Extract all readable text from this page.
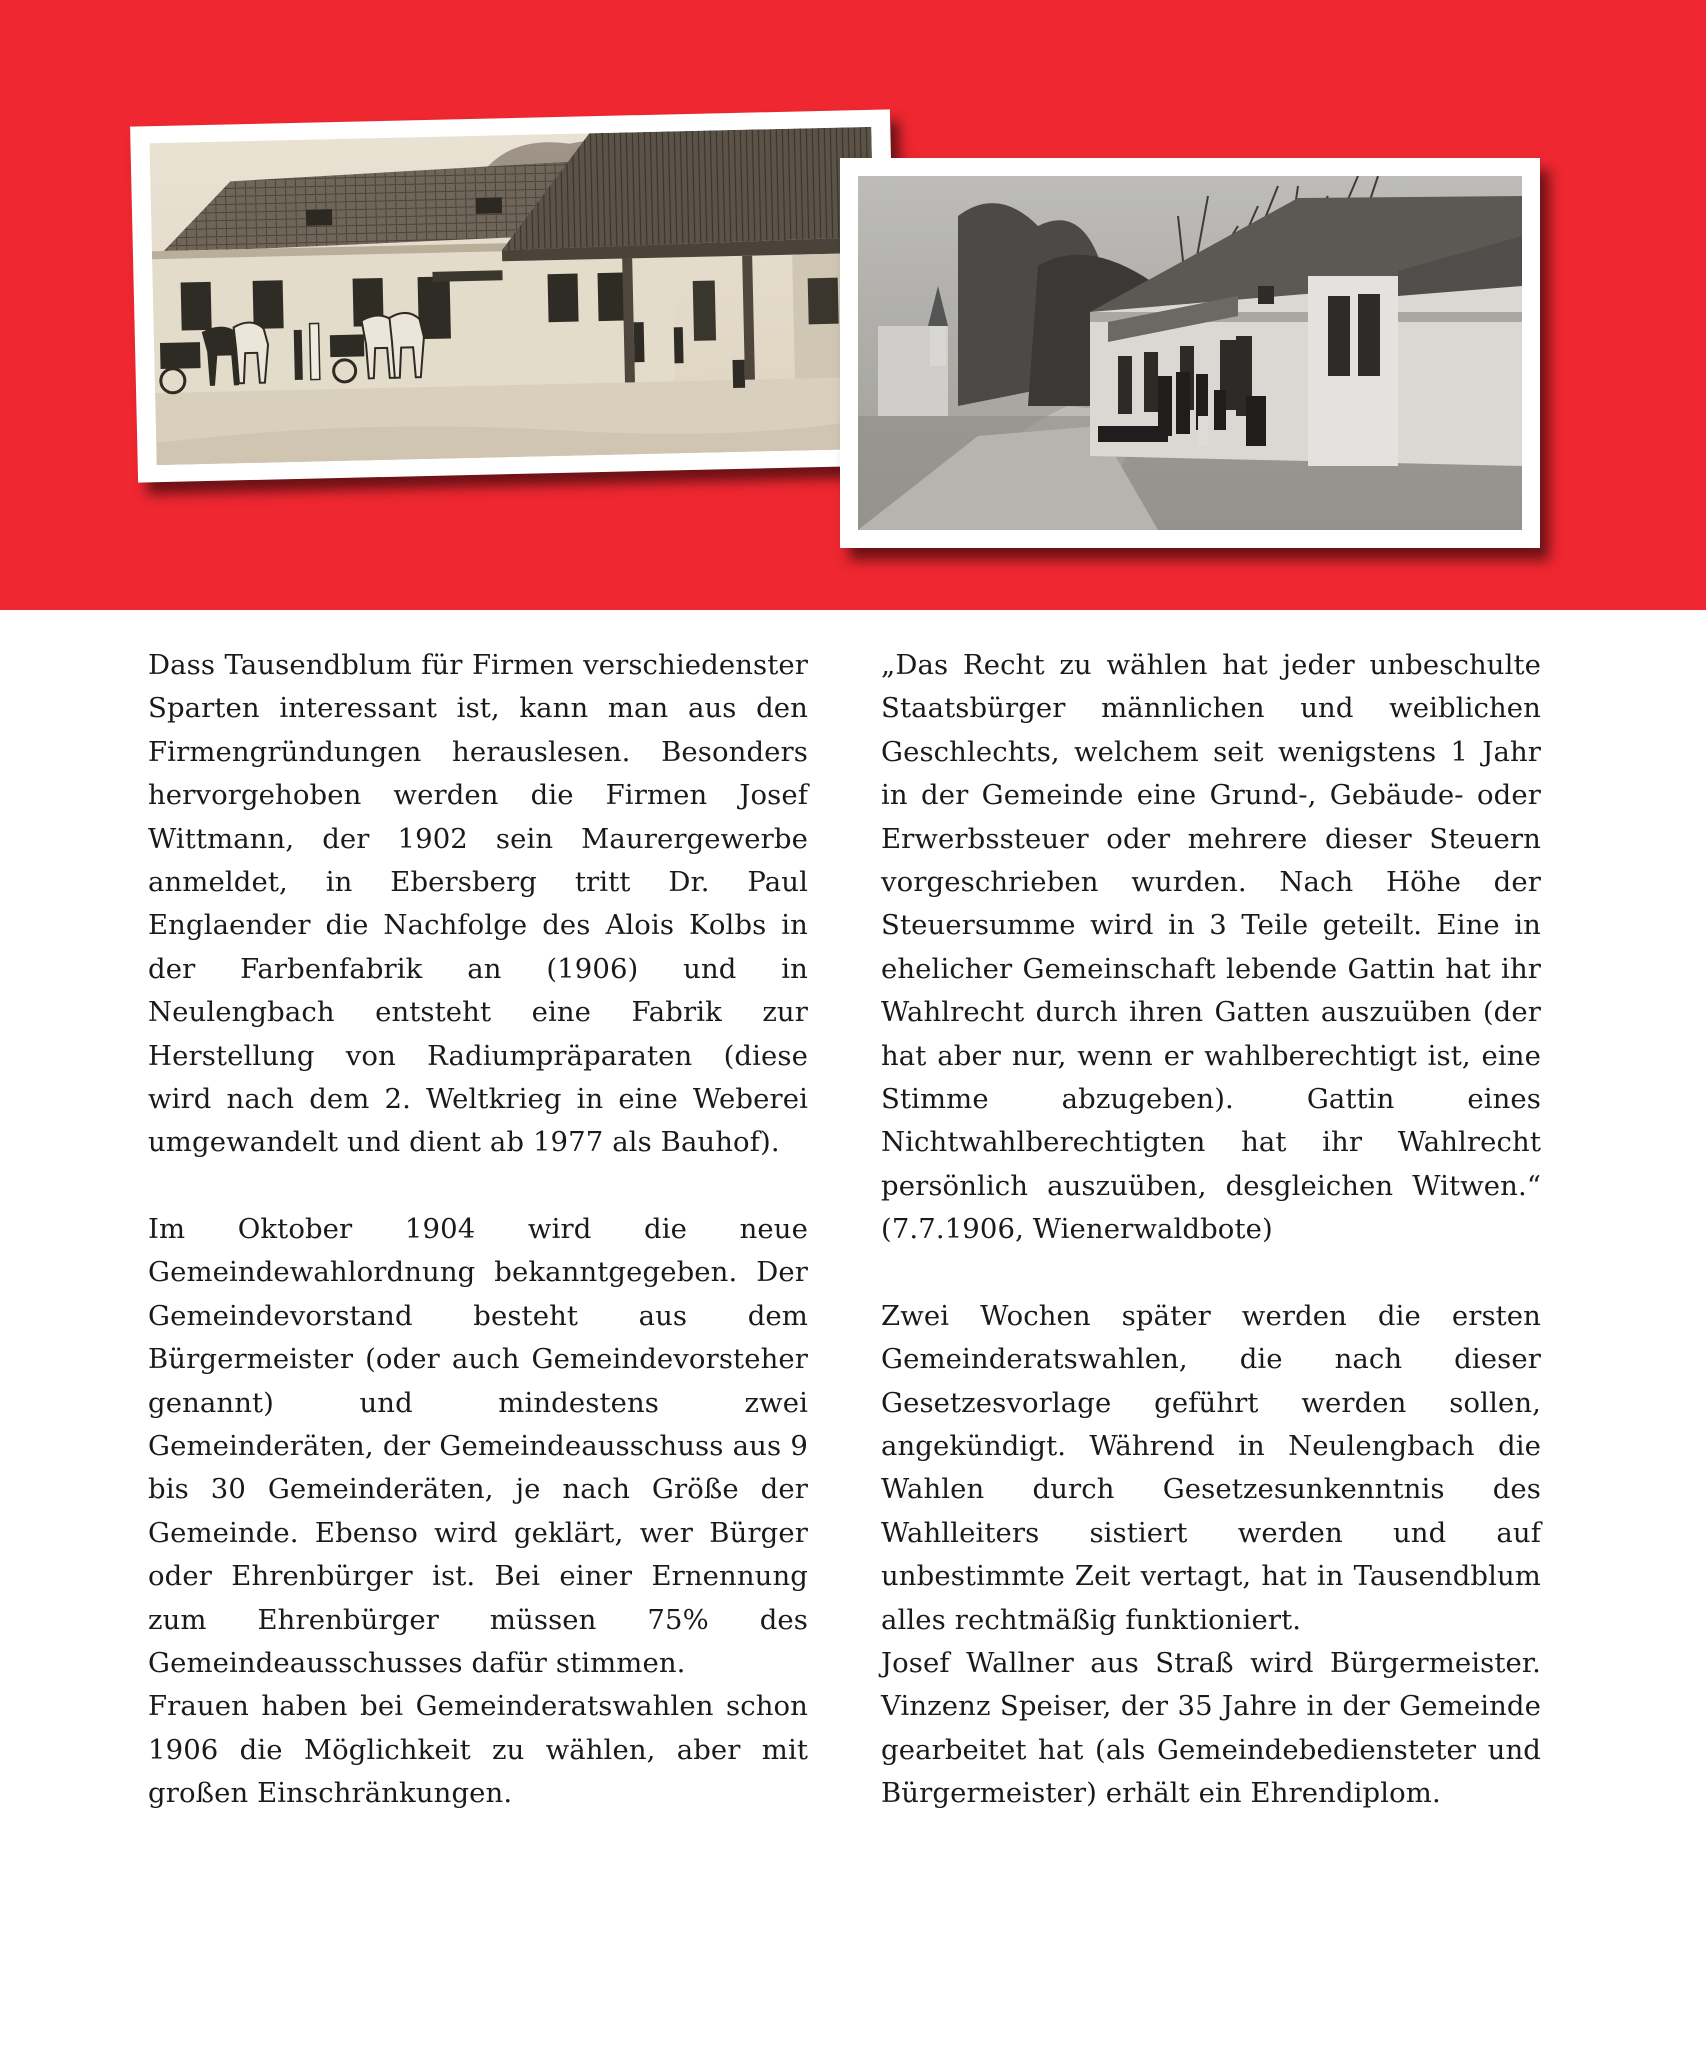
Dass Tausendblum für Firmen verschiedenster Sparten interessant ist, kann man aus den Firmengründungen herauslesen. Besonders hervorgehoben werden die Firmen Josef Wittmann, der 1902 sein Maurergewerbe anmeldet, in Ebersberg tritt Dr. Paul Englaender die Nachfolge des Alois Kolbs in der Farbenfabrik an (1906) und in Neulengbach entsteht eine Fabrik zur Herstellung von Radiumpräparaten (diese wird nach dem 2. Weltkrieg in eine Weberei umgewandelt und dient ab 1977 als Bauhof).

Im Oktober 1904 wird die neue Gemeindewahlordnung bekanntgegeben. Der Gemeindevorstand besteht aus dem Bürgermeister (oder auch Gemeindevorsteher genannt) und mindestens zwei Gemeinderäten, der Gemeindeausschuss aus 9 bis 30 Gemeinderäten, je nach Größe der Gemeinde. Ebenso wird geklärt, wer Bürger oder Ehrenbürger ist. Bei einer Ernennung zum Ehrenbürger müssen 75% des Gemeindeausschusses dafür stimmen.

Frauen haben bei Gemeinderatswahlen schon 1906 die Möglichkeit zu wählen, aber mit großen Einschränkungen.

„Das Recht zu wählen hat jeder unbeschulte Staatsbürger männlichen und weiblichen Geschlechts, welchem seit wenigstens 1 Jahr in der Gemeinde eine Grund-, Gebäude- oder Erwerbssteuer oder mehrere dieser Steuern vorgeschrieben wurden. Nach Höhe der Steuersumme wird in 3 Teile geteilt. Eine in ehelicher Gemeinschaft lebende Gattin hat ihr Wahlrecht durch ihren Gatten auszuüben (der hat aber nur, wenn er wahlberechtigt ist, eine Stimme abzugeben). Gattin eines Nichtwahlberechtigten hat ihr Wahlrecht persönlich auszuüben, desgleichen Witwen.“ (7.7.1906, Wienerwaldbote)

Zwei Wochen später werden die ersten Gemeinderatswahlen, die nach dieser Gesetzesvorlage geführt werden sollen, angekündigt. Während in Neulengbach die Wahlen durch Gesetzesunkenntnis des Wahlleiters sistiert werden und auf unbestimmte Zeit vertagt, hat in Tausendblum alles rechtmäßig funktioniert.

Josef Wallner aus Straß wird Bürgermeister. Vinzenz Speiser, der 35 Jahre in der Gemeinde gearbeitet hat (als Gemeindebediensteter und Bürgermeister) erhält ein Ehrendiplom.
